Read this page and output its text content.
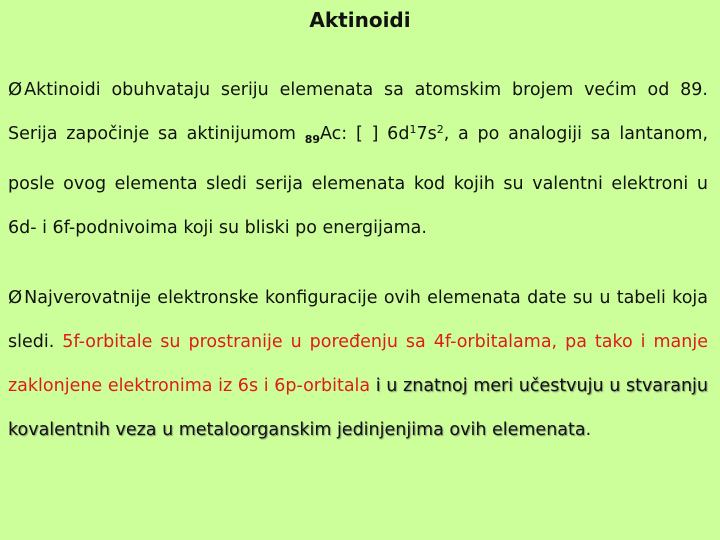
Aktinoidi

Ø Aktinoidi obuhvataju seriju elemenata sa atomskim brojem većim od 89. Serija započinje sa aktinijumom $_{89}$Ac: [ ] $6d^17s^2$, a po analogiji sa lantanom, posle ovog elementa sledi serija elemenata kod kojih su valentni elektroni u 6d- i 6f-podnivoima koji su bliski po energijama.

Ø Najverovatnije elektronske konfiguracije ovih elemenata date su u tabeli koja sledi. 5f-orbitale su prostranije u poređenju sa 4f-orbitalama, pa tako i manje zaklonjene elektronima iz 6s i 6p-orbitala i u znatnoj meri učestvuju u stvaranju kovalentnih veza u metaloorganskim jedinjenjima ovih elemenata.
